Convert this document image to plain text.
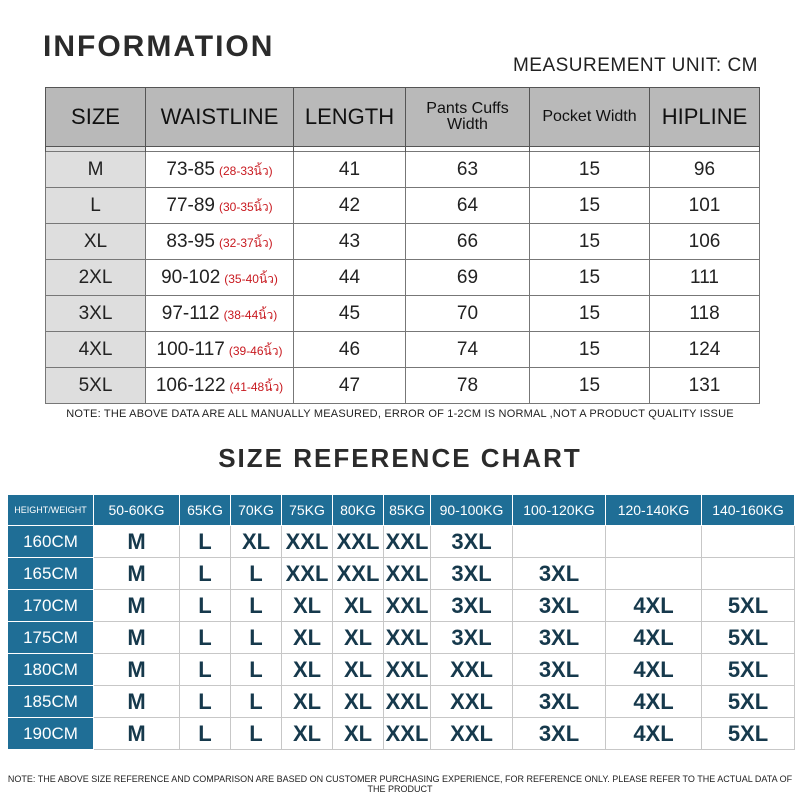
INFORMATION
MEASUREMENT UNIT: CM
SIZE	WAISTLINE	LENGTH	Pants Cuffs Width	Pocket Width	HIPLINE

M	73-85 (28-33นิ้ว)	41	63	15	96
L	77-89 (30-35นิ้ว)	42	64	15	101
XL	83-95 (32-37นิ้ว)	43	66	15	106
2XL	90-102 (35-40นิ้ว)	44	69	15	111
3XL	97-112 (38-44นิ้ว)	45	70	15	118
4XL	100-117 (39-46นิ้ว)	46	74	15	124
5XL	106-122 (41-48นิ้ว)	47	78	15	131
NOTE: THE ABOVE DATA ARE ALL MANUALLY MEASURED, ERROR OF 1-2CM IS NORMAL ,NOT A PRODUCT QUALITY ISSUE
SIZE REFERENCE CHART
HEIGHT/WEIGHT	50-60KG	65KG	70KG	75KG	80KG	85KG	90-100KG	100-120KG	120-140KG	140-160KG
160CM	M	L	XL	XXL	XXL	XXL	3XL			
165CM	M	L	L	XXL	XXL	XXL	3XL	3XL		
170CM	M	L	L	XL	XL	XXL	3XL	3XL	4XL	5XL
175CM	M	L	L	XL	XL	XXL	3XL	3XL	4XL	5XL
180CM	M	L	L	XL	XL	XXL	XXL	3XL	4XL	5XL
185CM	M	L	L	XL	XL	XXL	XXL	3XL	4XL	5XL
190CM	M	L	L	XL	XL	XXL	XXL	3XL	4XL	5XL
NOTE: THE ABOVE SIZE REFERENCE AND COMPARISON ARE BASED ON CUSTOMER PURCHASING EXPERIENCE, FOR REFERENCE ONLY. PLEASE REFER TO THE ACTUAL DATA OF THE PRODUCT
